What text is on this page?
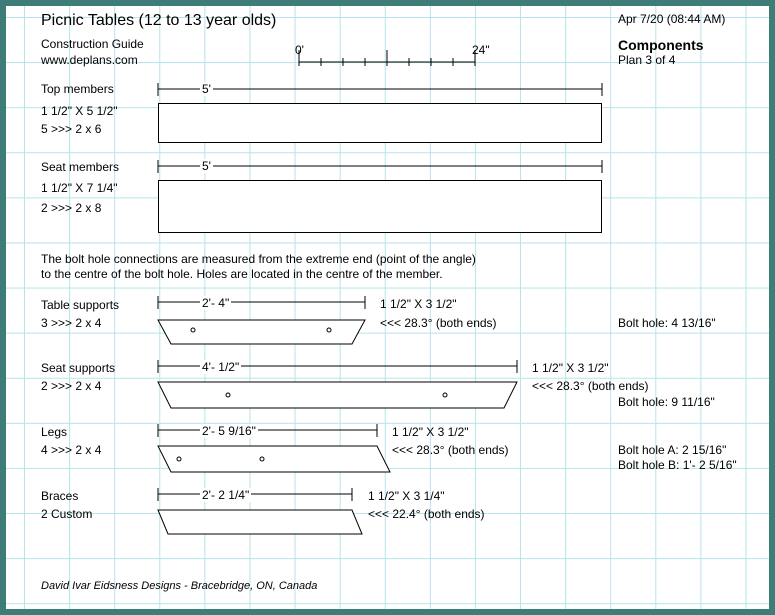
Picnic Tables (12 to 13 year olds)
Construction Guide
www.deplans.com
Apr 7/20 (08:44 AM)
Components
Plan 3 of 4
0'	24"
Top members
1 1/2" X 5 1/2"
5 >>> 2 x 6
5'
Seat members
1 1/2" X 7 1/4"
2 >>> 2 x 8
5'
The bolt hole connections are measured from the extreme end (point of the angle)
to the centre of the bolt hole. Holes are located in the centre of the member.
Table supports
3 >>> 2 x 4
2'- 4"	1 1/2" X 3 1/2"
<<< 28.3° (both ends)	Bolt hole: 4 13/16"
Seat supports
2 >>> 2 x 4
4'- 1/2"	1 1/2" X 3 1/2"
<<< 28.3° (both ends)
Bolt hole: 9 11/16"
Legs
4 >>> 2 x 4
2'- 5 9/16"	1 1/2" X 3 1/2"
<<< 28.3° (both ends)	Bolt hole A: 2 15/16"
Bolt hole B: 1'- 2 5/16"
Braces
2 Custom
2'- 2 1/4"	1 1/2" X 3 1/4"
<<< 22.4° (both ends)
David Ivar Eidsness Designs - Bracebridge, ON, Canada
